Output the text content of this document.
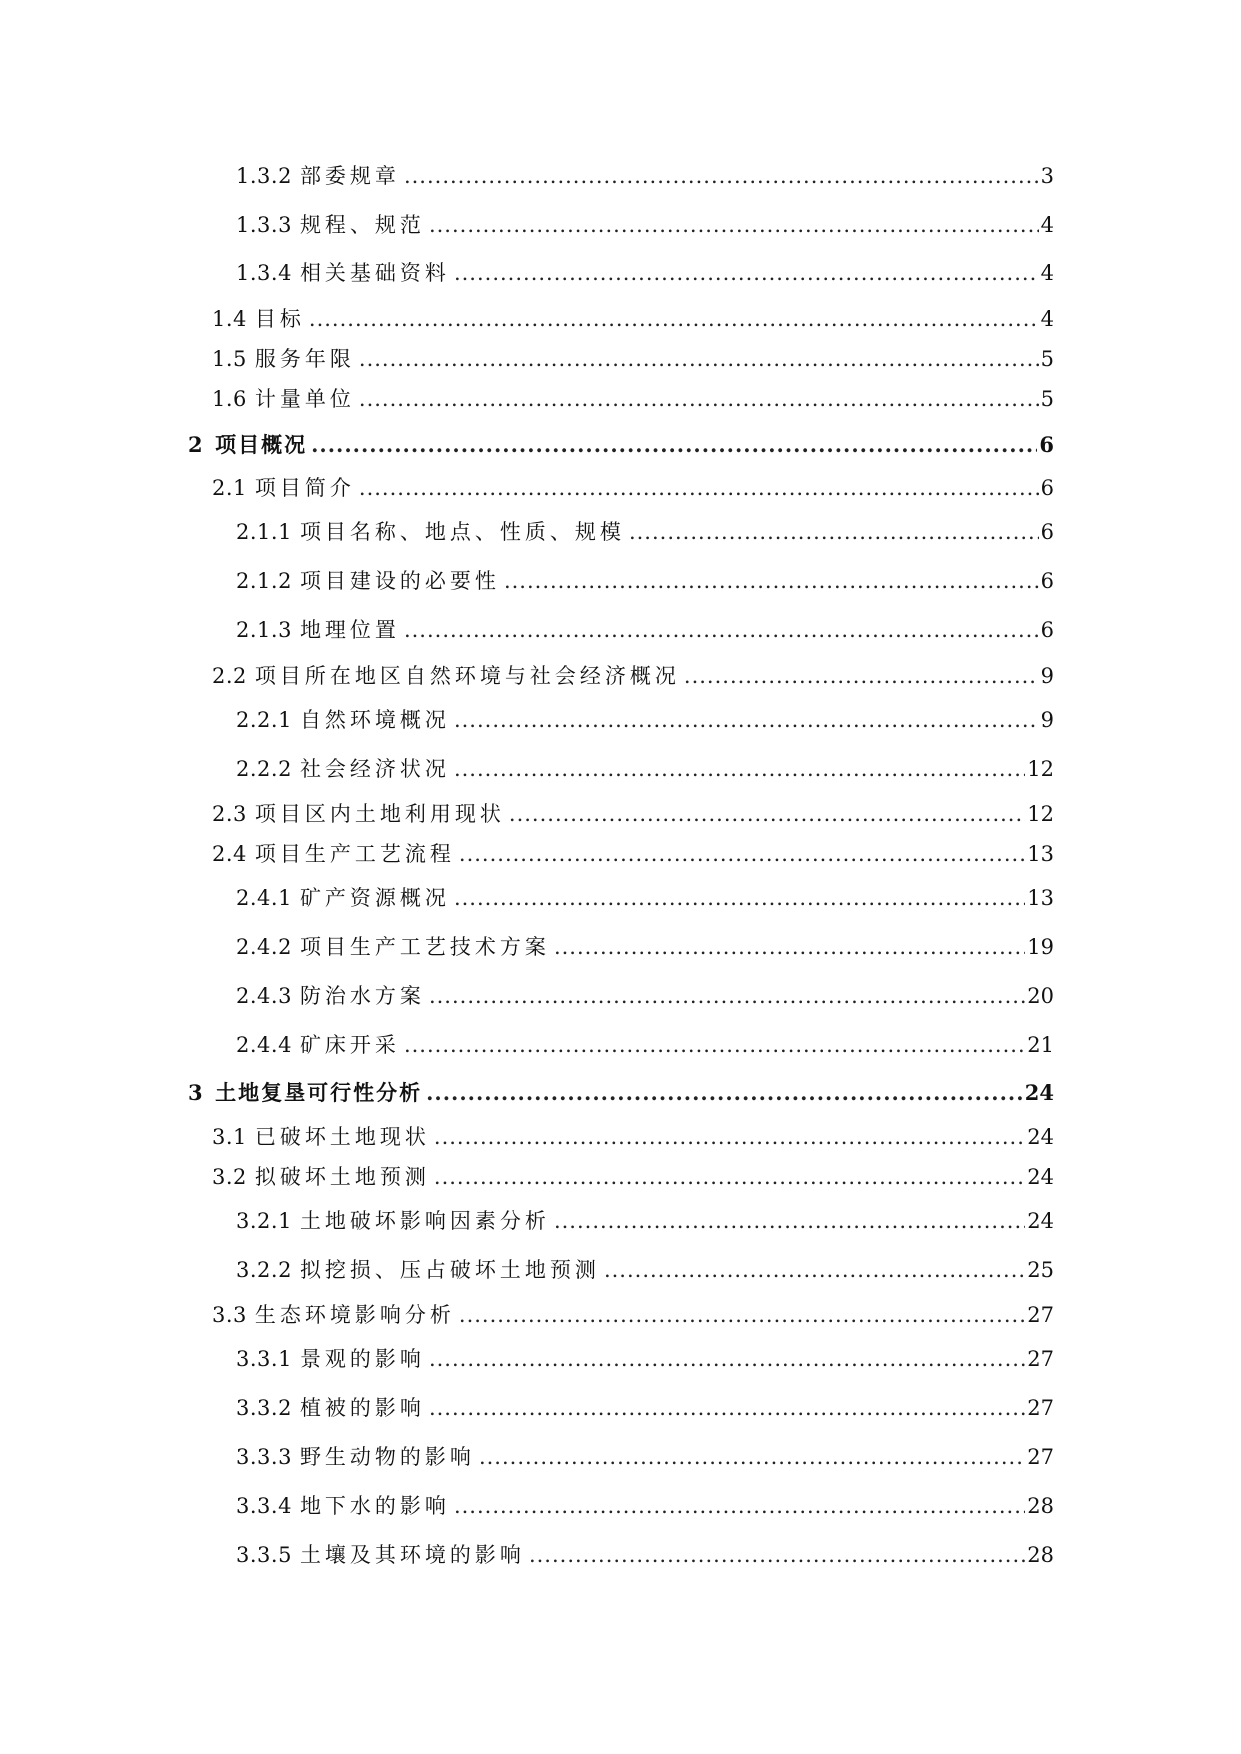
1.3.2 部委规章 .....	3
1.3.3 规程、规范 .....	4
1.3.4 相关基础资料 .....	4
1.4 目标 .....	4
1.5 服务年限 .....	5
1.6 计量单位 .....	5
2 项目概况 .....	6
2.1 项目简介 .....	6
2.1.1 项目名称、地点、性质、规模 .....	6
2.1.2 项目建设的必要性 .....	6
2.1.3 地理位置 .....	6
2.2 项目所在地区自然环境与社会经济概况 .....	9
2.2.1 自然环境概况 .....	9
2.2.2 社会经济状况 .....	12
2.3 项目区内土地利用现状 .....	12
2.4 项目生产工艺流程 .....	13
2.4.1 矿产资源概况 .....	13
2.4.2 项目生产工艺技术方案 .....	19
2.4.3 防治水方案 .....	20
2.4.4 矿床开采 .....	21
3 土地复垦可行性分析 .....	24
3.1 已破坏土地现状 .....	24
3.2 拟破坏土地预测 .....	24
3.2.1 土地破坏影响因素分析 .....	24
3.2.2 拟挖损、压占破坏土地预测 .....	25
3.3 生态环境影响分析 .....	27
3.3.1 景观的影响 .....	27
3.3.2 植被的影响 .....	27
3.3.3 野生动物的影响 .....	27
3.3.4 地下水的影响 .....	28
3.3.5 土壤及其环境的影响 .....	28
